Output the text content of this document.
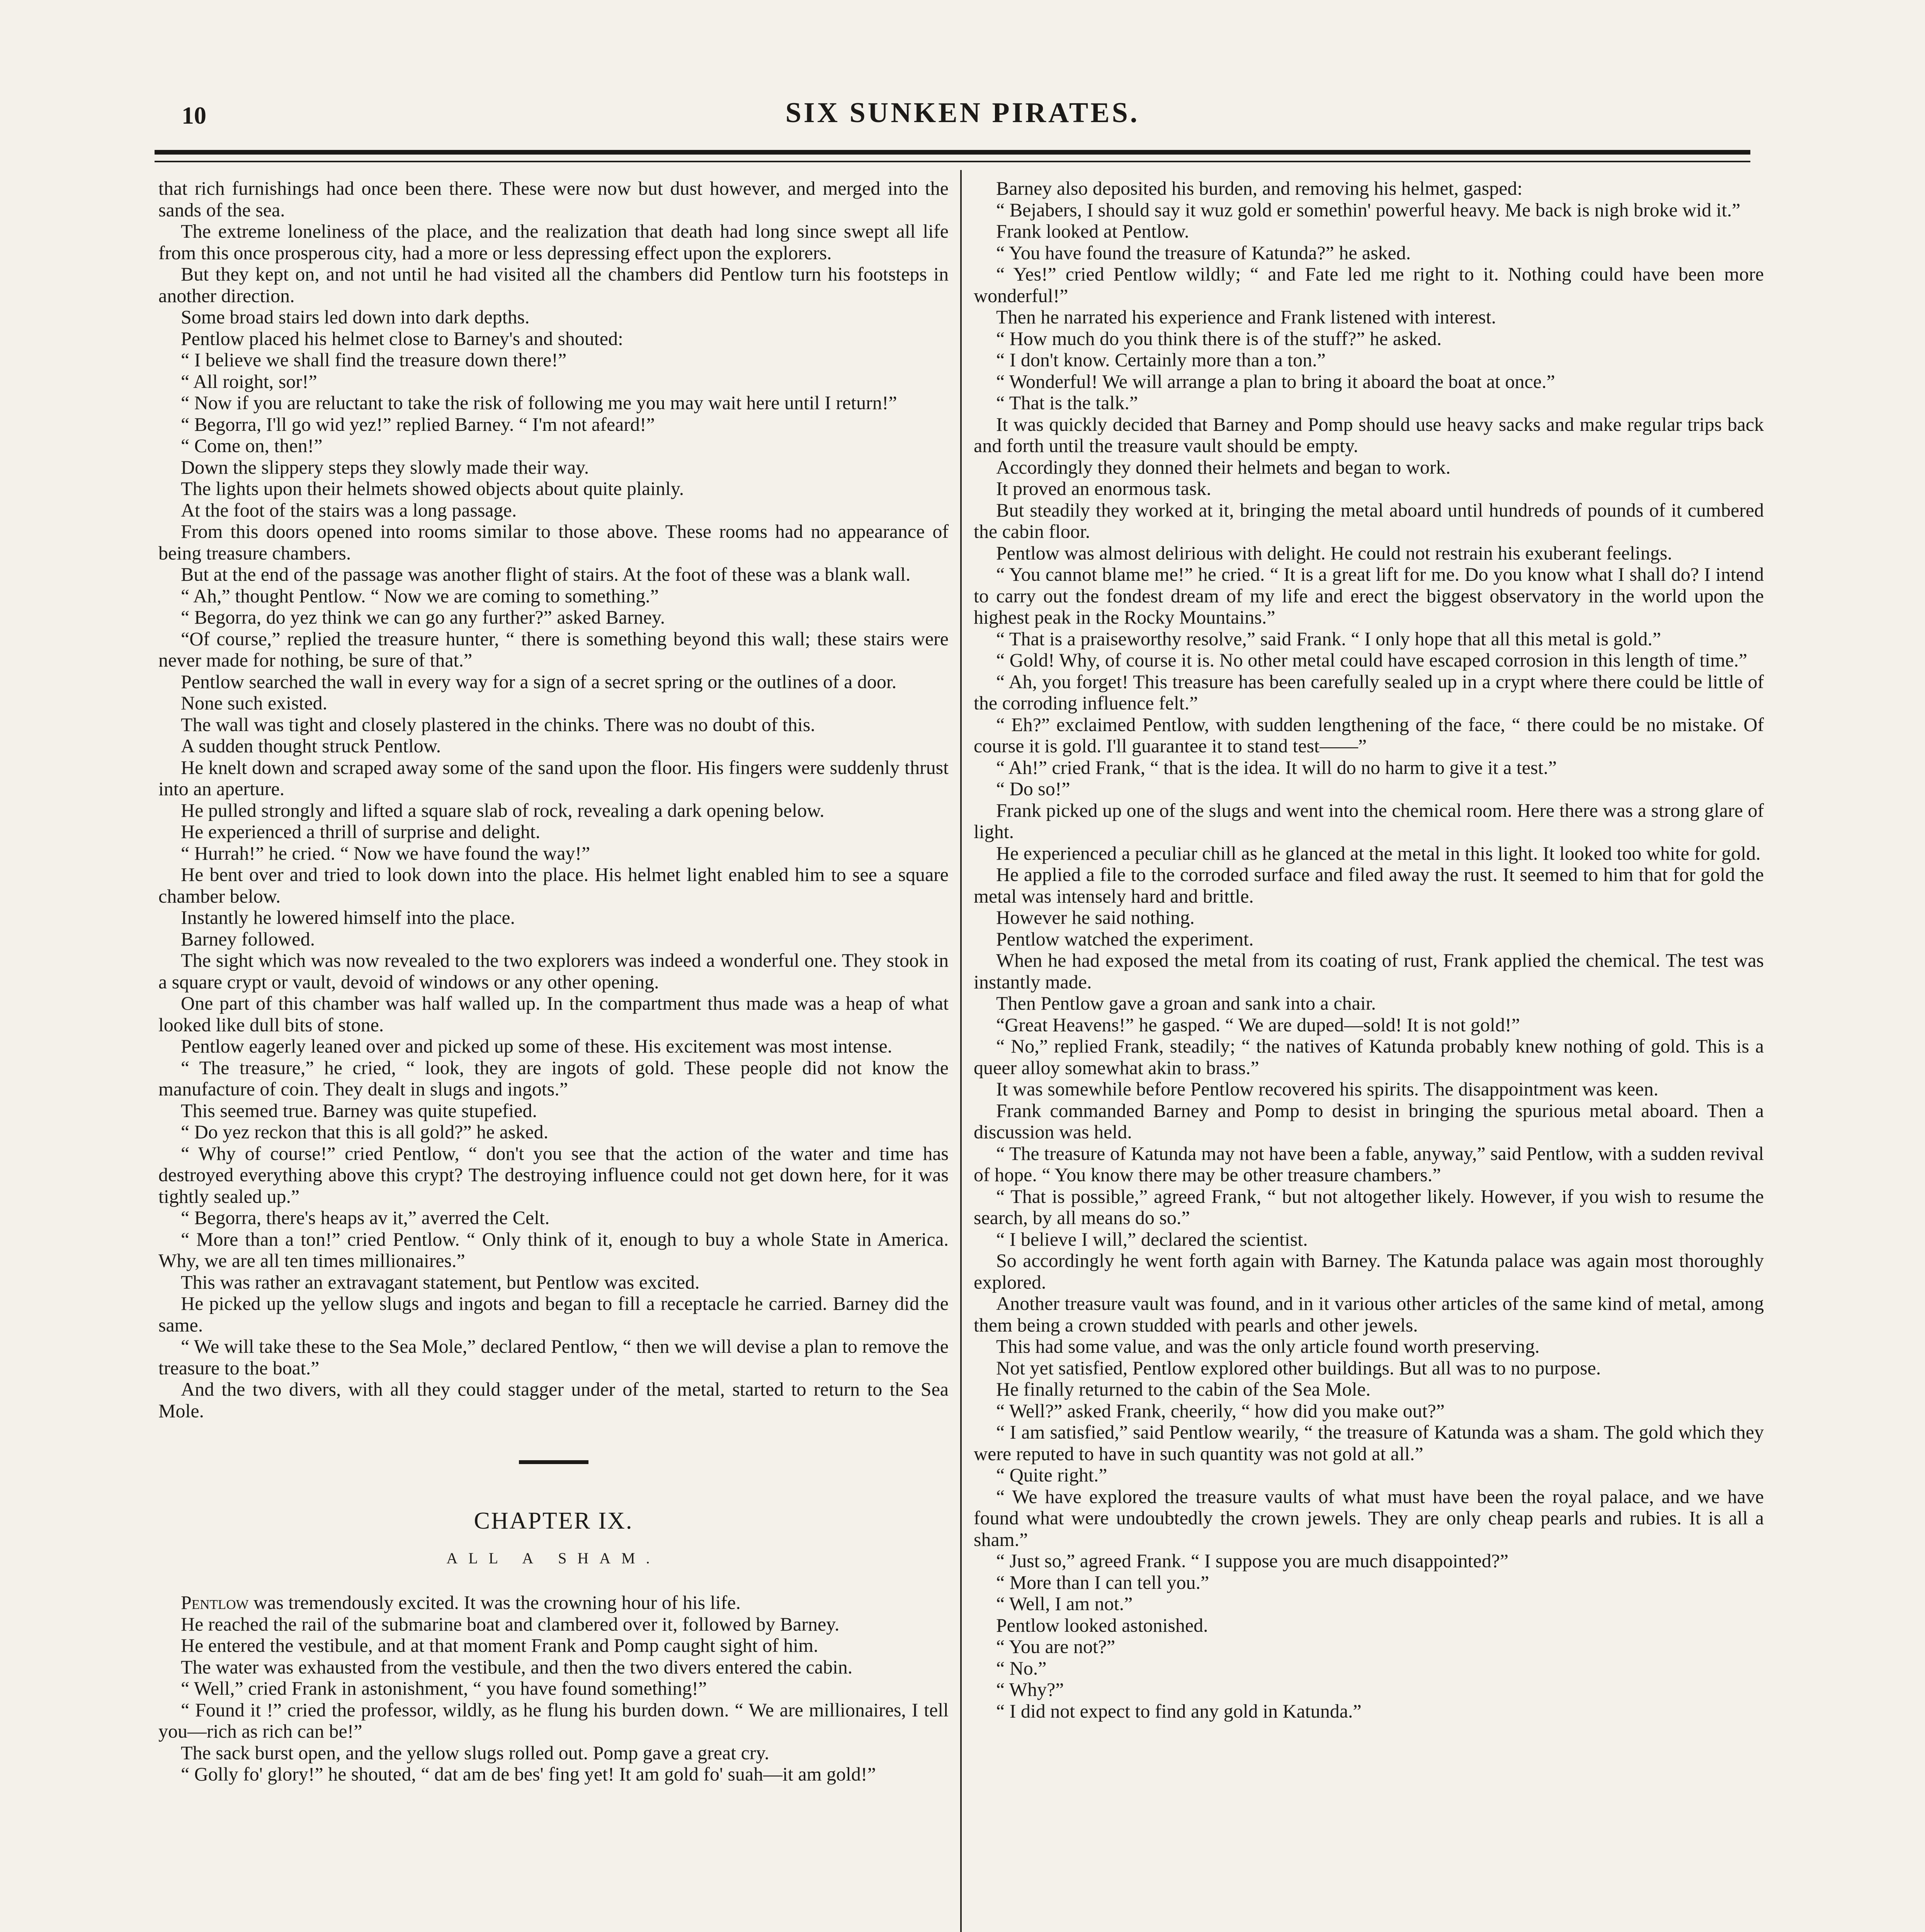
10	SIX SUNKEN PIRATES.

that rich furnishings had once been there. These were now but dust however, and merged into the sands of the sea.

The extreme loneliness of the place, and the realization that death had long since swept all life from this once prosperous city, had a more or less depressing effect upon the explorers.

But they kept on, and not until he had visited all the chambers did Pentlow turn his footsteps in another direction.

Some broad stairs led down into dark depths.

Pentlow placed his helmet close to Barney's and shouted:

“ I believe we shall find the treasure down there!”

“ All roight, sor!”

“ Now if you are reluctant to take the risk of following me you may wait here until I return!”

“ Begorra, I'll go wid yez!” replied Barney. “ I'm not afeard!”

“ Come on, then!”

Down the slippery steps they slowly made their way.

The lights upon their helmets showed objects about quite plainly.

At the foot of the stairs was a long passage.

From this doors opened into rooms similar to those above. These rooms had no appearance of being treasure chambers.

But at the end of the passage was another flight of stairs. At the foot of these was a blank wall.

“ Ah,” thought Pentlow. “ Now we are coming to something.”

“ Begorra, do yez think we can go any further?” asked Barney.

“Of course,” replied the treasure hunter, “ there is something beyond this wall; these stairs were never made for nothing, be sure of that.”

Pentlow searched the wall in every way for a sign of a secret spring or the outlines of a door.

None such existed.

The wall was tight and closely plastered in the chinks. There was no doubt of this.

A sudden thought struck Pentlow.

He knelt down and scraped away some of the sand upon the floor. His fingers were suddenly thrust into an aperture.

He pulled strongly and lifted a square slab of rock, revealing a dark opening below.

He experienced a thrill of surprise and delight.

“ Hurrah!” he cried. “ Now we have found the way!”

He bent over and tried to look down into the place. His helmet light enabled him to see a square chamber below.

Instantly he lowered himself into the place.

Barney followed.

The sight which was now revealed to the two explorers was indeed a wonderful one. They stook in a square crypt or vault, devoid of windows or any other opening.

One part of this chamber was half walled up. In the compartment thus made was a heap of what looked like dull bits of stone.

Pentlow eagerly leaned over and picked up some of these. His excitement was most intense.

“ The treasure,” he cried, “ look, they are ingots of gold. These people did not know the manufacture of coin. They dealt in slugs and ingots.”

This seemed true. Barney was quite stupefied.

“ Do yez reckon that this is all gold?” he asked.

“ Why of course!” cried Pentlow, “ don't you see that the action of the water and time has destroyed everything above this crypt? The destroying influence could not get down here, for it was tightly sealed up.”

“ Begorra, there's heaps av it,” averred the Celt.

“ More than a ton!” cried Pentlow. “ Only think of it, enough to buy a whole State in America. Why, we are all ten times millionaires.”

This was rather an extravagant statement, but Pentlow was excited.

He picked up the yellow slugs and ingots and began to fill a receptacle he carried. Barney did the same.

“ We will take these to the Sea Mole,” declared Pentlow, “ then we will devise a plan to remove the treasure to the boat.”

And the two divers, with all they could stagger under of the metal, started to return to the Sea Mole.

CHAPTER IX.
ALL A SHAM.

Pentlow was tremendously excited. It was the crowning hour of his life.

He reached the rail of the submarine boat and clambered over it, followed by Barney.

He entered the vestibule, and at that moment Frank and Pomp caught sight of him.

The water was exhausted from the vestibule, and then the two divers entered the cabin.

“ Well,” cried Frank in astonishment, “ you have found something!”

“ Found it !” cried the professor, wildly, as he flung his burden down. “ We are millionaires, I tell you—rich as rich can be!”

The sack burst open, and the yellow slugs rolled out. Pomp gave a great cry.

“ Golly fo' glory!” he shouted, “ dat am de bes' fing yet! It am gold fo' suah—it am gold!”

Barney also deposited his burden, and removing his helmet, gasped:

“ Bejabers, I should say it wuz gold er somethin' powerful heavy. Me back is nigh broke wid it.”

Frank looked at Pentlow.

“ You have found the treasure of Katunda?” he asked.

“ Yes!” cried Pentlow wildly; “ and Fate led me right to it. Nothing could have been more wonderful!”

Then he narrated his experience and Frank listened with interest.

“ How much do you think there is of the stuff?” he asked.

“ I don't know. Certainly more than a ton.”

“ Wonderful! We will arrange a plan to bring it aboard the boat at once.”

“ That is the talk.”

It was quickly decided that Barney and Pomp should use heavy sacks and make regular trips back and forth until the treasure vault should be empty.

Accordingly they donned their helmets and began to work.

It proved an enormous task.

But steadily they worked at it, bringing the metal aboard until hundreds of pounds of it cumbered the cabin floor.

Pentlow was almost delirious with delight. He could not restrain his exuberant feelings.

“ You cannot blame me!” he cried. “ It is a great lift for me. Do you know what I shall do? I intend to carry out the fondest dream of my life and erect the biggest observatory in the world upon the highest peak in the Rocky Mountains.”

“ That is a praiseworthy resolve,” said Frank. “ I only hope that all this metal is gold.”

“ Gold! Why, of course it is. No other metal could have escaped corrosion in this length of time.”

“ Ah, you forget! This treasure has been carefully sealed up in a crypt where there could be little of the corroding influence felt.”

“ Eh?” exclaimed Pentlow, with sudden lengthening of the face, “ there could be no mistake. Of course it is gold. I'll guarantee it to stand test——”

“ Ah!” cried Frank, “ that is the idea. It will do no harm to give it a test.”

“ Do so!”

Frank picked up one of the slugs and went into the chemical room. Here there was a strong glare of light.

He experienced a peculiar chill as he glanced at the metal in this light. It looked too white for gold.

He applied a file to the corroded surface and filed away the rust. It seemed to him that for gold the metal was intensely hard and brittle.

However he said nothing.

Pentlow watched the experiment.

When he had exposed the metal from its coating of rust, Frank applied the chemical. The test was instantly made.

Then Pentlow gave a groan and sank into a chair.

“Great Heavens!” he gasped. “ We are duped—sold! It is not gold!”

“ No,” replied Frank, steadily; “ the natives of Katunda probably knew nothing of gold. This is a queer alloy somewhat akin to brass.”

It was somewhile before Pentlow recovered his spirits. The disappointment was keen.

Frank commanded Barney and Pomp to desist in bringing the spurious metal aboard. Then a discussion was held.

“ The treasure of Katunda may not have been a fable, anyway,” said Pentlow, with a sudden revival of hope. “ You know there may be other treasure chambers.”

“ That is possible,” agreed Frank, “ but not altogether likely. However, if you wish to resume the search, by all means do so.”

“ I believe I will,” declared the scientist.

So accordingly he went forth again with Barney. The Katunda palace was again most thoroughly explored.

Another treasure vault was found, and in it various other articles of the same kind of metal, among them being a crown studded with pearls and other jewels.

This had some value, and was the only article found worth preserving.

Not yet satisfied, Pentlow explored other buildings. But all was to no purpose.

He finally returned to the cabin of the Sea Mole.

“ Well?” asked Frank, cheerily, “ how did you make out?”

“ I am satisfied,” said Pentlow wearily, “ the treasure of Katunda was a sham. The gold which they were reputed to have in such quantity was not gold at all.”

“ Quite right.”

“ We have explored the treasure vaults of what must have been the royal palace, and we have found what were undoubtedly the crown jewels. They are only cheap pearls and rubies. It is all a sham.”

“ Just so,” agreed Frank. “ I suppose you are much disappointed?”

“ More than I can tell you.”

“ Well, I am not.”

Pentlow looked astonished.

“ You are not?”

“ No.”

“ Why?”

“ I did not expect to find any gold in Katunda.”
